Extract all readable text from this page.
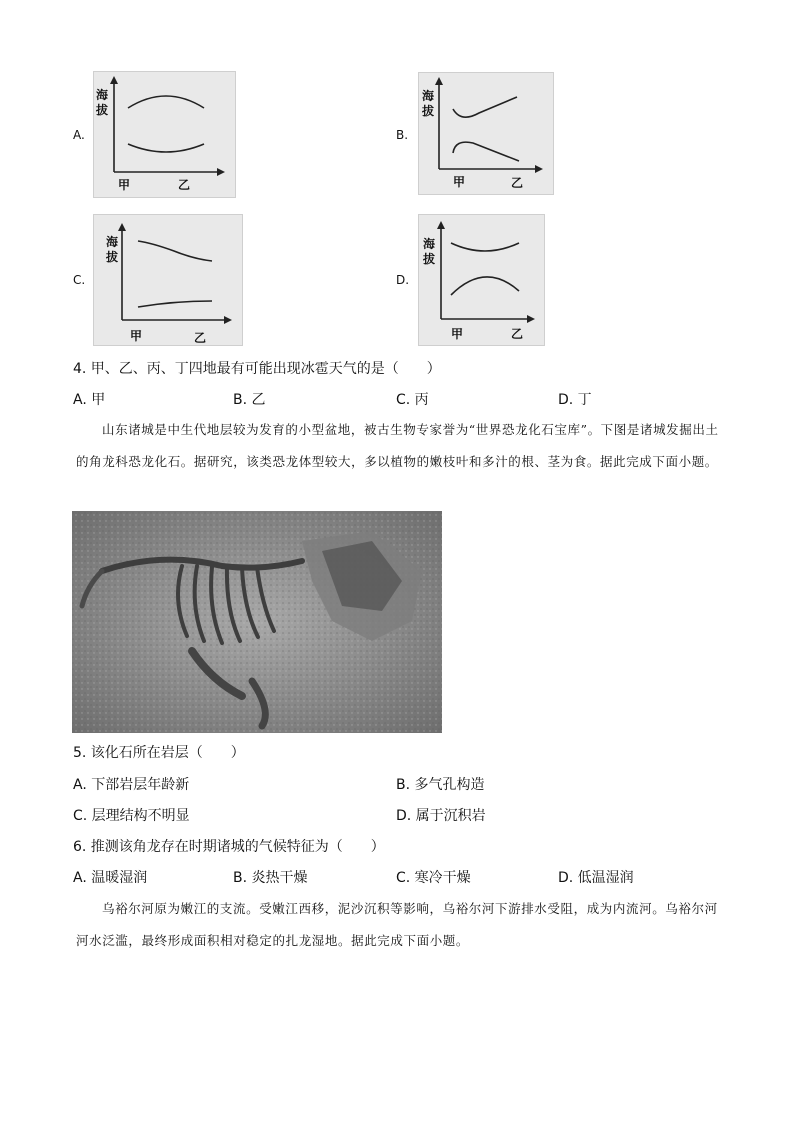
A.
海拔
甲	乙
B.
海拔
甲	乙
C.
海拔
甲	乙
D.
海拔
甲	乙
4. 甲、乙、丙、丁四地最有可能出现冰雹天气的是（　　）
A. 甲	B. 乙	C. 丙	D. 丁
山东诸城是中生代地层较为发育的小型盆地，被古生物专家誉为“世界恐龙化石宝库”。下图是诸城发掘出土的角龙科恐龙化石。据研究，该类恐龙体型较大，多以植物的嫩枝叶和多汁的根、茎为食。据此完成下面小题。
5. 该化石所在岩层（　　）
A. 下部岩层年龄新	B. 多气孔构造
C. 层理结构不明显	D. 属于沉积岩
6. 推测该角龙存在时期诸城的气候特征为（　　）
A. 温暖湿润	B. 炎热干燥	C. 寒冷干燥	D. 低温湿润
乌裕尔河原为嫩江的支流。受嫩江西移，泥沙沉积等影响，乌裕尔河下游排水受阻，成为内流河。乌裕尔河河水泛滥，最终形成面积相对稳定的扎龙湿地。据此完成下面小题。
